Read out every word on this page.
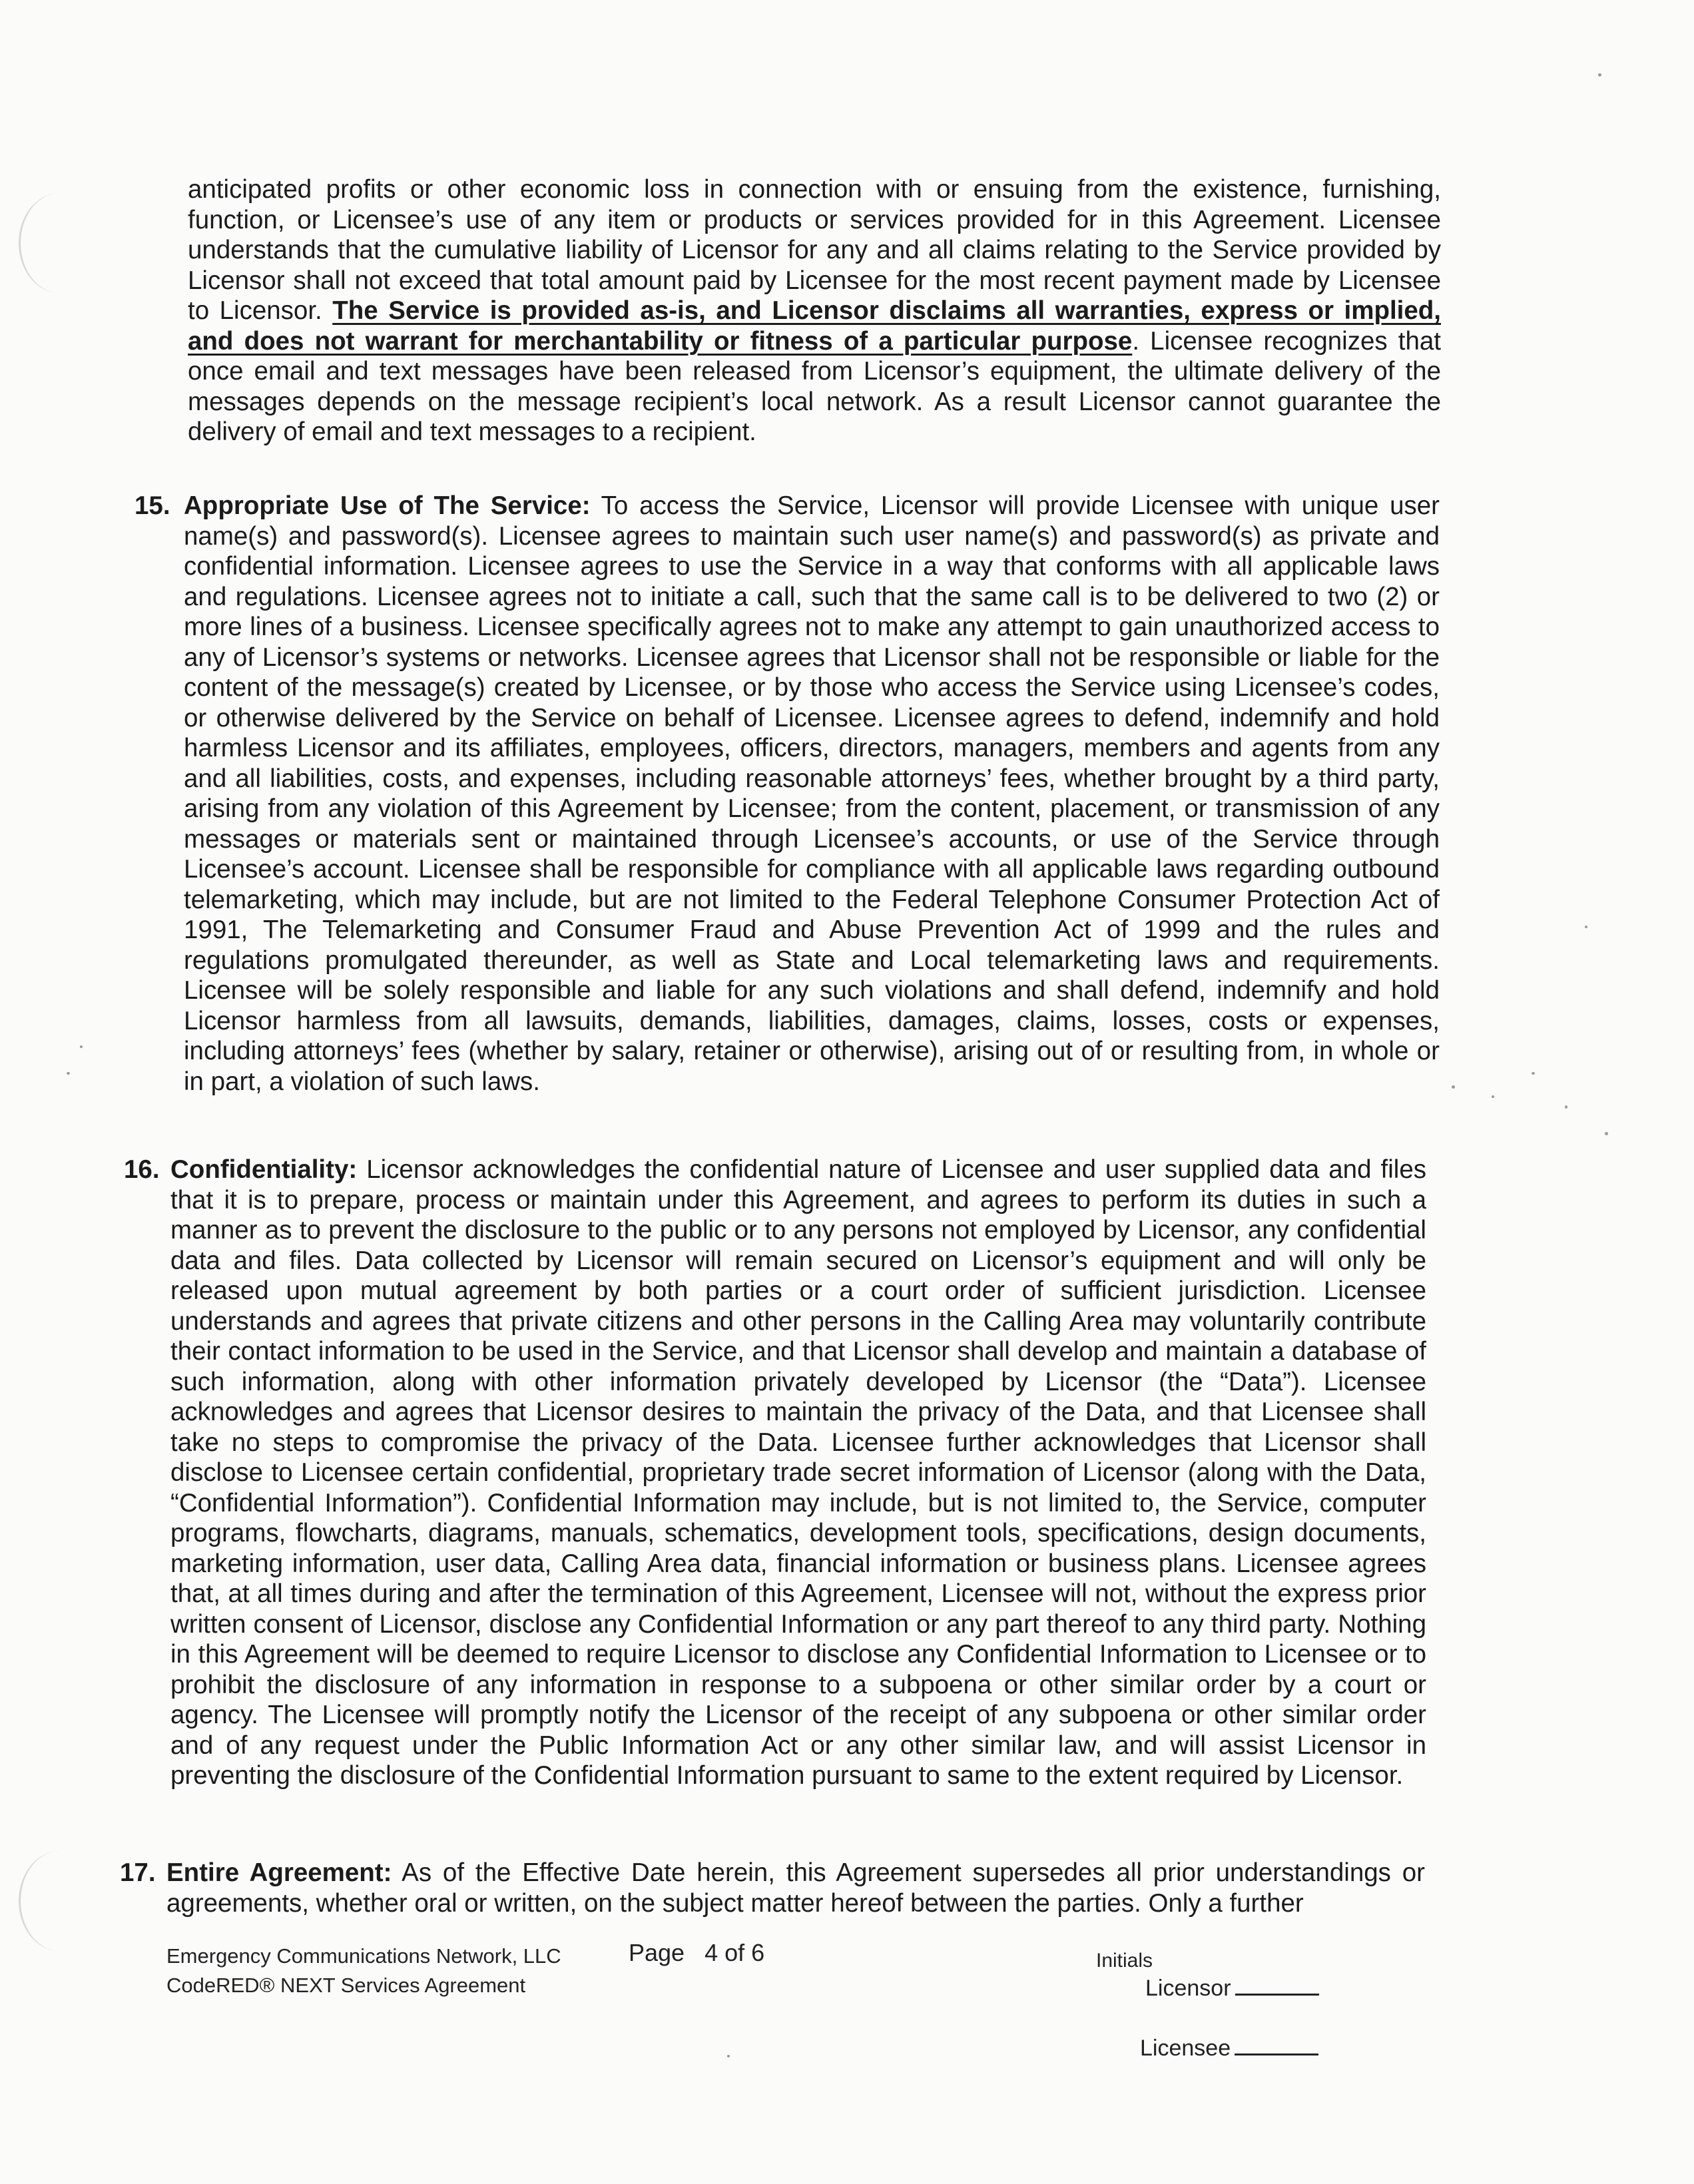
anticipated profits or other economic loss in connection with or ensuing from the existence, furnishing, function, or Licensee’s use of any item or products or services provided for in this Agreement. Licensee understands that the cumulative liability of Licensor for any and all claims relating to the Service provided by Licensor shall not exceed that total amount paid by Licensee for the most recent payment made by Licensee to Licensor. The Service is provided as-is, and Licensor disclaims all warranties, express or implied, and does not warrant for merchantability or fitness of a particular purpose. Licensee recognizes that once email and text messages have been released from Licensor’s equipment, the ultimate delivery of the messages depends on the message recipient’s local network. As a result Licensor cannot guarantee the delivery of email and text messages to a recipient.

15. Appropriate Use of The Service: To access the Service, Licensor will provide Licensee with unique user name(s) and password(s). Licensee agrees to maintain such user name(s) and password(s) as private and confidential information. Licensee agrees to use the Service in a way that conforms with all applicable laws and regulations. Licensee agrees not to initiate a call, such that the same call is to be delivered to two (2) or more lines of a business. Licensee specifically agrees not to make any attempt to gain unauthorized access to any of Licensor’s systems or networks. Licensee agrees that Licensor shall not be responsible or liable for the content of the message(s) created by Licensee, or by those who access the Service using Licensee’s codes, or otherwise delivered by the Service on behalf of Licensee. Licensee agrees to defend, indemnify and hold harmless Licensor and its affiliates, employees, officers, directors, managers, members and agents from any and all liabilities, costs, and expenses, including reasonable attorneys’ fees, whether brought by a third party, arising from any violation of this Agreement by Licensee; from the content, placement, or transmission of any messages or materials sent or maintained through Licensee’s accounts, or use of the Service through Licensee’s account. Licensee shall be responsible for compliance with all applicable laws regarding outbound telemarketing, which may include, but are not limited to the Federal Telephone Consumer Protection Act of 1991, The Telemarketing and Consumer Fraud and Abuse Prevention Act of 1999 and the rules and regulations promulgated thereunder, as well as State and Local telemarketing laws and requirements. Licensee will be solely responsible and liable for any such violations and shall defend, indemnify and hold Licensor harmless from all lawsuits, demands, liabilities, damages, claims, losses, costs or expenses, including attorneys’ fees (whether by salary, retainer or otherwise), arising out of or resulting from, in whole or in part, a violation of such laws.

16. Confidentiality: Licensor acknowledges the confidential nature of Licensee and user supplied data and files that it is to prepare, process or maintain under this Agreement, and agrees to perform its duties in such a manner as to prevent the disclosure to the public or to any persons not employed by Licensor, any confidential data and files. Data collected by Licensor will remain secured on Licensor’s equipment and will only be released upon mutual agreement by both parties or a court order of sufficient jurisdiction. Licensee understands and agrees that private citizens and other persons in the Calling Area may voluntarily contribute their contact information to be used in the Service, and that Licensor shall develop and maintain a database of such information, along with other information privately developed by Licensor (the “Data”). Licensee acknowledges and agrees that Licensor desires to maintain the privacy of the Data, and that Licensee shall take no steps to compromise the privacy of the Data. Licensee further acknowledges that Licensor shall disclose to Licensee certain confidential, proprietary trade secret information of Licensor (along with the Data, “Confidential Information”). Confidential Information may include, but is not limited to, the Service, computer programs, flowcharts, diagrams, manuals, schematics, development tools, specifications, design documents, marketing information, user data, Calling Area data, financial information or business plans. Licensee agrees that, at all times during and after the termination of this Agreement, Licensee will not, without the express prior written consent of Licensor, disclose any Confidential Information or any part thereof to any third party. Nothing in this Agreement will be deemed to require Licensor to disclose any Confidential Information to Licensee or to prohibit the disclosure of any information in response to a subpoena or other similar order by a court or agency. The Licensee will promptly notify the Licensor of the receipt of any subpoena or other similar order and of any request under the Public Information Act or any other similar law, and will assist Licensor in preventing the disclosure of the Confidential Information pursuant to same to the extent required by Licensor.

17. Entire Agreement: As of the Effective Date herein, this Agreement supersedes all prior understandings or agreements, whether oral or written, on the subject matter hereof between the parties. Only a further

Emergency Communications Network, LLC
CodeRED® NEXT Services Agreement
Page   4 of 6	Initials
Licensor
Licensee
